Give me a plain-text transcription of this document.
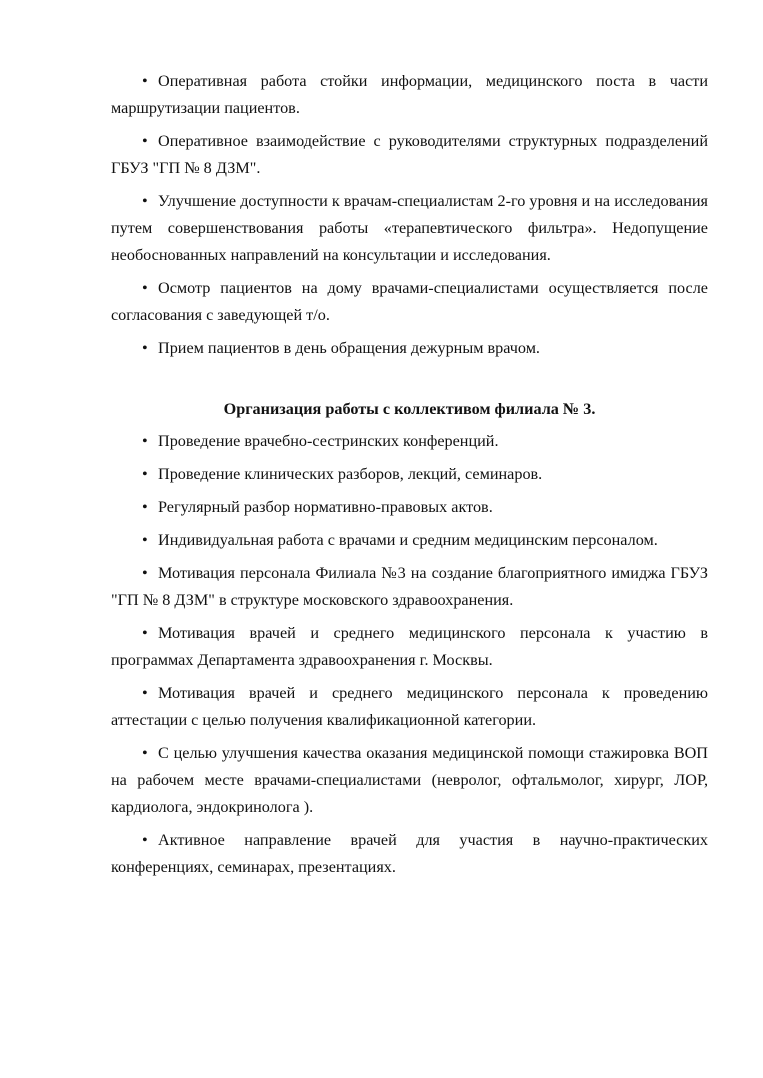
• Оперативная работа стойки информации, медицинского поста в части маршрутизации пациентов.

• Оперативное взаимодействие с руководителями структурных подразделений ГБУЗ "ГП № 8 ДЗМ".

• Улучшение доступности к врачам-специалистам 2-го уровня и на исследования путем совершенствования работы «терапевтического фильтра». Недопущение необоснованных направлений на консультации и исследования.

• Осмотр пациентов на дому врачами-специалистами осуществляется после согласования с заведующей т/о.

• Прием пациентов в день обращения дежурным врачом.

Организация работы с коллективом филиала № 3.

• Проведение врачебно-сестринских конференций.

• Проведение клинических разборов, лекций, семинаров.

• Регулярный разбор нормативно-правовых актов.

• Индивидуальная работа с врачами и средним медицинским персоналом.

• Мотивация персонала Филиала №3 на создание благоприятного имиджа ГБУЗ "ГП № 8 ДЗМ" в структуре московского здравоохранения.

• Мотивация врачей и среднего медицинского персонала к участию в программах Департамента здравоохранения г. Москвы.

• Мотивация врачей и среднего медицинского персонала к проведению аттестации с целью получения квалификационной категории.

• С целью улучшения качества оказания медицинской помощи стажировка ВОП на рабочем месте врачами-специалистами (невролог, офтальмолог, хирург, ЛОР, кардиолога, эндокринолога ).

• Активное направление врачей для участия в научно-практических конференциях, семинарах, презентациях.
